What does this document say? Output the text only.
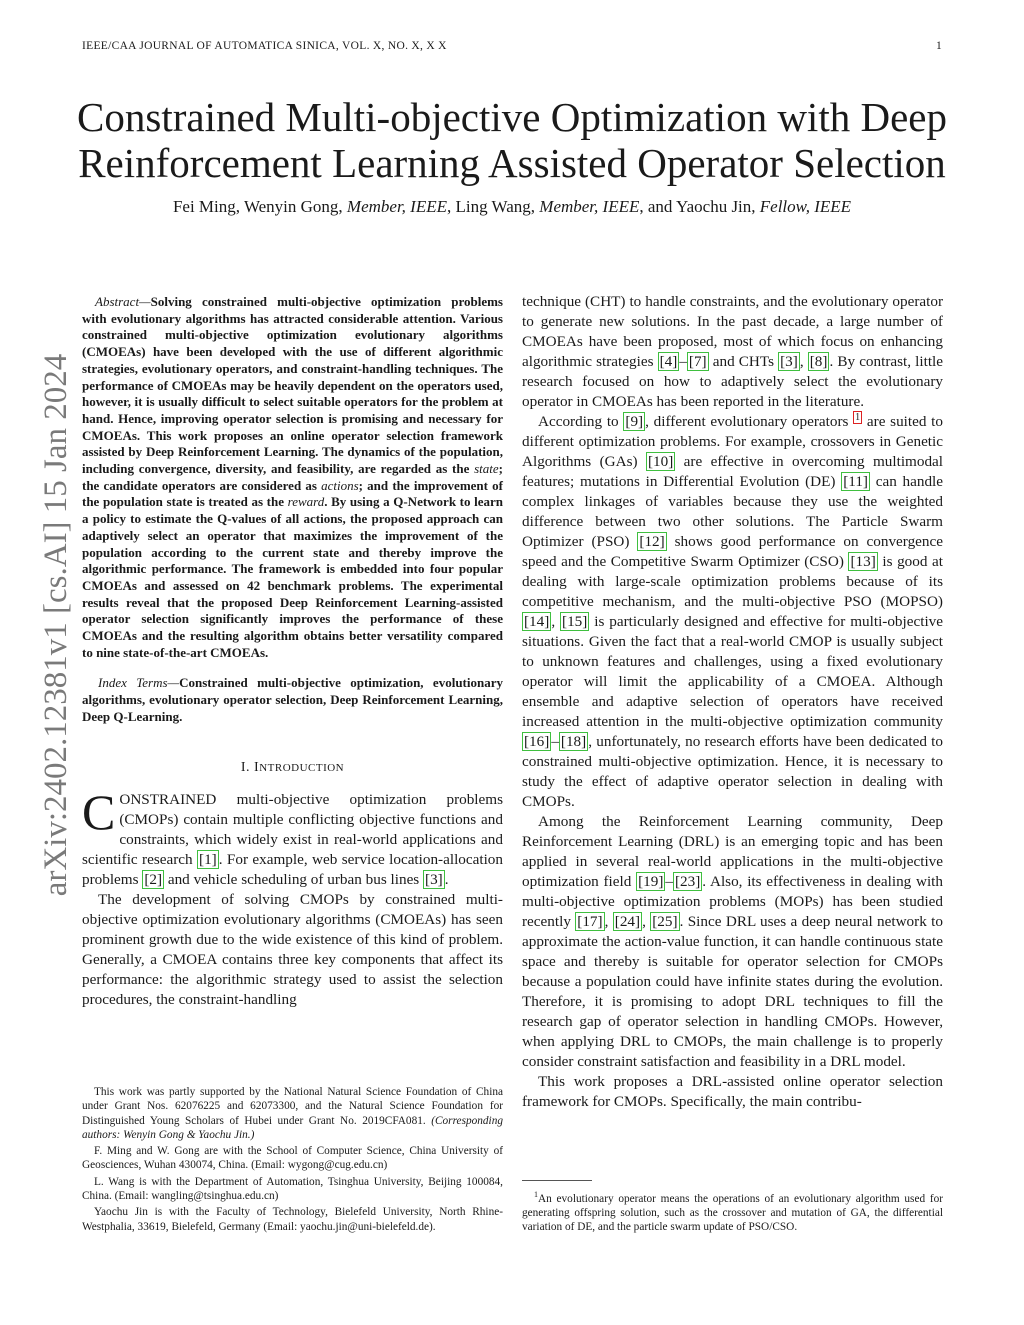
IEEE/CAA JOURNAL OF AUTOMATICA SINICA, VOL. X, NO. X, X X	1
arXiv:2402.12381v1 [cs.AI] 15 Jan 2024
Constrained Multi-objective Optimization with Deep
Reinforcement Learning Assisted Operator Selection
Fei Ming, Wenyin Gong, Member, IEEE, Ling Wang, Member, IEEE, and Yaochu Jin, Fellow, IEEE

 Abstract—Solving constrained multi-objective optimization problems with evolutionary algorithms has attracted considerable attention. Various constrained multi-objective optimization evolutionary algorithms (CMOEAs) have been developed with the use of different algorithmic strategies, evolutionary operators, and constraint-handling techniques. The performance of CMOEAs may be heavily dependent on the operators used, however, it is usually difficult to select suitable operators for the problem at hand. Hence, improving operator selection is promising and necessary for CMOEAs. This work proposes an online operator selection framework assisted by Deep Reinforcement Learning. The dynamics of the population, including convergence, diversity, and feasibility, are regarded as the state; the candidate operators are considered as actions; and the improvement of the population state is treated as the reward. By using a Q-Network to learn a policy to estimate the Q-values of all actions, the proposed approach can adaptively select an operator that maximizes the improvement of the population according to the current state and thereby improve the algorithmic performance. The framework is embedded into four popular CMOEAs and assessed on 42 benchmark problems. The experimental results reveal that the proposed Deep Reinforcement Learning-assisted operator selection significantly improves the performance of these CMOEAs and the resulting algorithm obtains better versatility compared to nine state-of-the-art CMOEAs.

Index Terms—Constrained multi-objective optimization, evolutionary algorithms, evolutionary operator selection, Deep Reinforcement Learning, Deep Q-Learning.

I. INTRODUCTION

CONSTRAINED multi-objective optimization problems (CMOPs) contain multiple conflicting objective functions and constraints, which widely exist in real-world applications and scientific research [1] . For example, web service location-allocation problems [2] and vehicle scheduling of urban bus lines [3] .

The development of solving CMOPs by constrained multi-objective optimization evolutionary algorithms (CMOEAs) has seen prominent growth due to the wide existence of this kind of problem. Generally, a CMOEA contains three key components that affect its performance: the algorithmic strategy used to assist the selection procedures, the constraint-handling

This work was partly supported by the National Natural Science Foundation of China under Grant Nos. 62076225 and 62073300, and the Natural Science Foundation for Distinguished Young Scholars of Hubei under Grant No. 2019CFA081. (Corresponding authors: Wenyin Gong & Yaochu Jin.)

F. Ming and W. Gong are with the School of Computer Science, China University of Geosciences, Wuhan 430074, China. (Email: wygong@cug.edu.cn)

L. Wang is with the Department of Automation, Tsinghua University, Beijing 100084, China. (Email: wangling@tsinghua.edu.cn)

Yaochu Jin is with the Faculty of Technology, Bielefeld University, North Rhine-Westphalia, 33619, Bielefeld, Germany (Email: yaochu.jin@uni-bielefeld.de).

technique (CHT) to handle constraints, and the evolutionary operator to generate new solutions. In the past decade, a large number of CMOEAs have been proposed, most of which focus on enhancing algorithmic strategies [4] – [7] and CHTs [3] , [8] . By contrast, little research focused on how to adaptively select the evolutionary operator in CMOEAs has been reported in the literature.

According to [9] , different evolutionary operators $^1$ are suited to different optimization problems. For example, crossovers in Genetic Algorithms (GAs) [10] are effective in overcoming multimodal features; mutations in Differential Evolution (DE) [11] can handle complex linkages of variables because they use the weighted difference between two other solutions. The Particle Swarm Optimizer (PSO) [12] shows good performance on convergence speed and the Competitive Swarm Optimizer (CSO) [13] is good at dealing with large-scale optimization problems because of its competitive mechanism, and the multi-objective PSO (MOPSO) [14] , [15] is particularly designed and effective for multi-objective situations. Given the fact that a real-world CMOP is usually subject to unknown features and challenges, using a fixed evolutionary operator will limit the applicability of a CMOEA. Although ensemble and adaptive selection of operators have received increased attention in the multi-objective optimization community [16] – [18] , unfortunately, no research efforts have been dedicated to constrained multi-objective optimization. Hence, it is necessary to study the effect of adaptive operator selection in dealing with CMOPs.

Among the Reinforcement Learning community, Deep Reinforcement Learning (DRL) is an emerging topic and has been applied in several real-world applications in the multi-objective optimization field [19] – [23] . Also, its effectiveness in dealing with multi-objective optimization problems (MOPs) has been studied recently [17] , [24] , [25] . Since DRL uses a deep neural network to approximate the action-value function, it can handle continuous state space and thereby is suitable for operator selection for CMOPs because a population could have infinite states during the evolution. Therefore, it is promising to adopt DRL techniques to fill the research gap of operator selection in handling CMOPs. However, when applying DRL to CMOPs, the main challenge is to properly consider constraint satisfaction and feasibility in a DRL model.

This work proposes a DRL-assisted online operator selection framework for CMOPs. Specifically, the main contribu-

$^1$An evolutionary operator means the operations of an evolutionary algorithm used for generating offspring solution, such as the crossover and mutation of GA, the differential variation of DE, and the particle swarm update of PSO/CSO.
